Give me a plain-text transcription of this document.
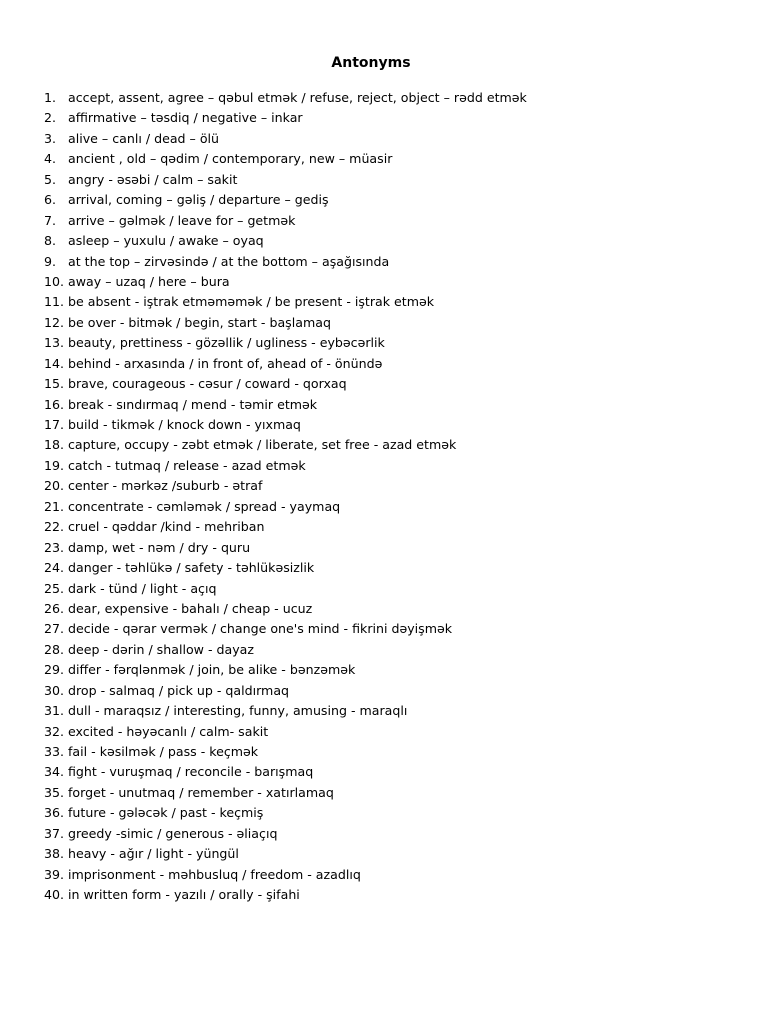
Antonyms
1. accept, assent, agree – qəbul etmək / refuse, reject, object – rədd etmək
2. affirmative – təsdiq / negative – inkar
3. alive – canlı / dead – ölü
4. ancient , old – qədim / contemporary, new – müasir
5. angry - əsəbi / calm – sakit
6. arrival, coming – gəliş / departure – gediş
7. arrive – gəlmək / leave for – getmək
8. asleep – yuxulu / awake – oyaq
9. at the top – zirvəsində / at the bottom – aşağısında
10. away – uzaq / here – bura
11. be absent - iştrak etməməmək / be present - iştrak etmək
12. be over - bitmək / begin, start - başlamaq
13. beauty, prettiness - gözəllik / ugliness - eybəcərlik
14. behind - arxasında / in front of, ahead of - önündə
15. brave, courageous - cəsur / coward - qorxaq
16. break - sındırmaq / mend - təmir etmək
17. build - tikmək / knock down - yıxmaq
18. capture, occupy - zəbt etmək / liberate, set free - azad etmək
19. catch - tutmaq / release - azad etmək
20. center - mərkəz /suburb - ətraf
21. concentrate - cəmləmək / spread - yaymaq
22. cruel - qəddar /kind - mehriban
23. damp, wet - nəm / dry - quru
24. danger - təhlükə / safety - təhlükəsizlik
25. dark - tünd / light - açıq
26. dear, expensive - bahalı / cheap - ucuz
27. decide - qərar vermək / change one's mind - fikrini dəyişmək
28. deep - dərin / shallow - dayaz
29. differ - fərqlənmək / join, be alike - bənzəmək
30. drop - salmaq / pick up - qaldırmaq
31. dull - maraqsız / interesting, funny, amusing - maraqlı
32. excited - həyəcanlı / calm- sakit
33. fail - kəsilmək / pass - keçmək
34. fight - vuruşmaq / reconcile - barışmaq
35. forget - unutmaq / remember - xatırlamaq
36. future - gələcək / past - keçmiş
37. greedy -simic / generous - əliaçıq
38. heavy - ağır / light - yüngül
39. imprisonment - məhbusluq / freedom - azadlıq
40. in written form - yazılı / orally - şifahi
